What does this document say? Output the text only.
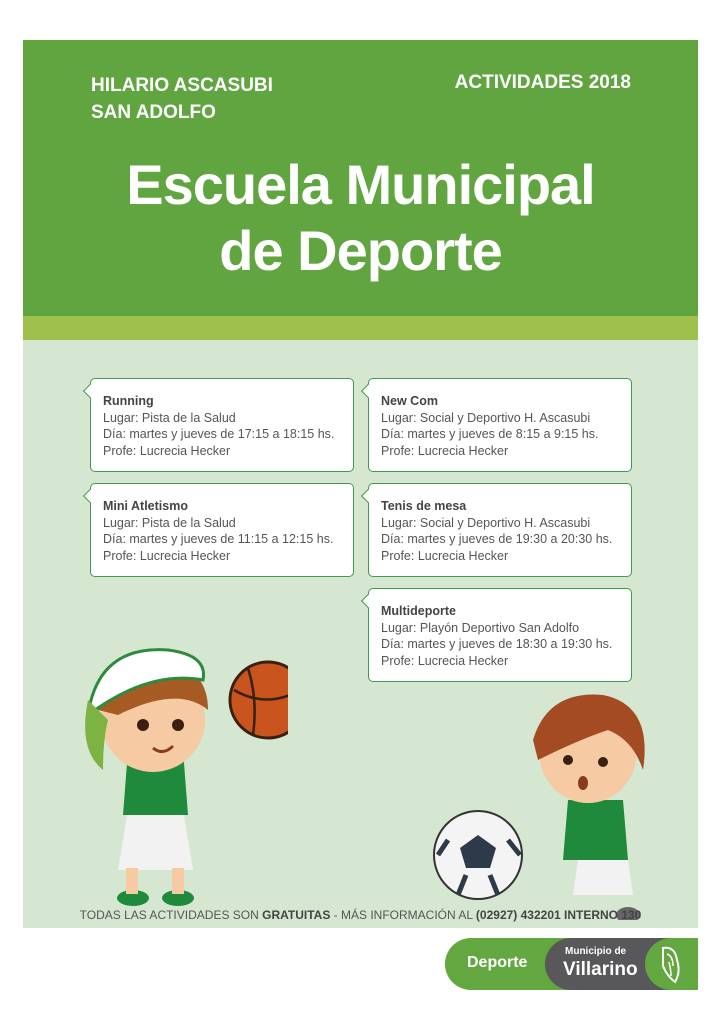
HILARIO ASCASUBI
SAN ADOLFO
ACTIVIDADES 2018
Escuela Municipal
de Deporte
Running
Lugar: Pista de la Salud
Día: martes y jueves de 17:15 a 18:15 hs.
Profe: Lucrecia Hecker
New Com
Lugar: Social y Deportivo H. Ascasubi
Día: martes y jueves de 8:15 a 9:15 hs.
Profe: Lucrecia Hecker
Mini Atletismo
Lugar: Pista de la Salud
Día: martes y jueves de 11:15 a 12:15 hs.
Profe: Lucrecia Hecker
Tenis de mesa
Lugar: Social y Deportivo H. Ascasubi
Día: martes y jueves de 19:30 a 20:30 hs.
Profe: Lucrecia Hecker
Multideporte
Lugar: Playón Deportivo San Adolfo
Día: martes y jueves de 18:30 a 19:30 hs.
Profe: Lucrecia Hecker
TODAS LAS ACTIVIDADES SON GRATUITAS - MÁS INFORMACIÓN AL (02927) 432201 INTERNO 130
Deporte
Municipio de
Villarino
